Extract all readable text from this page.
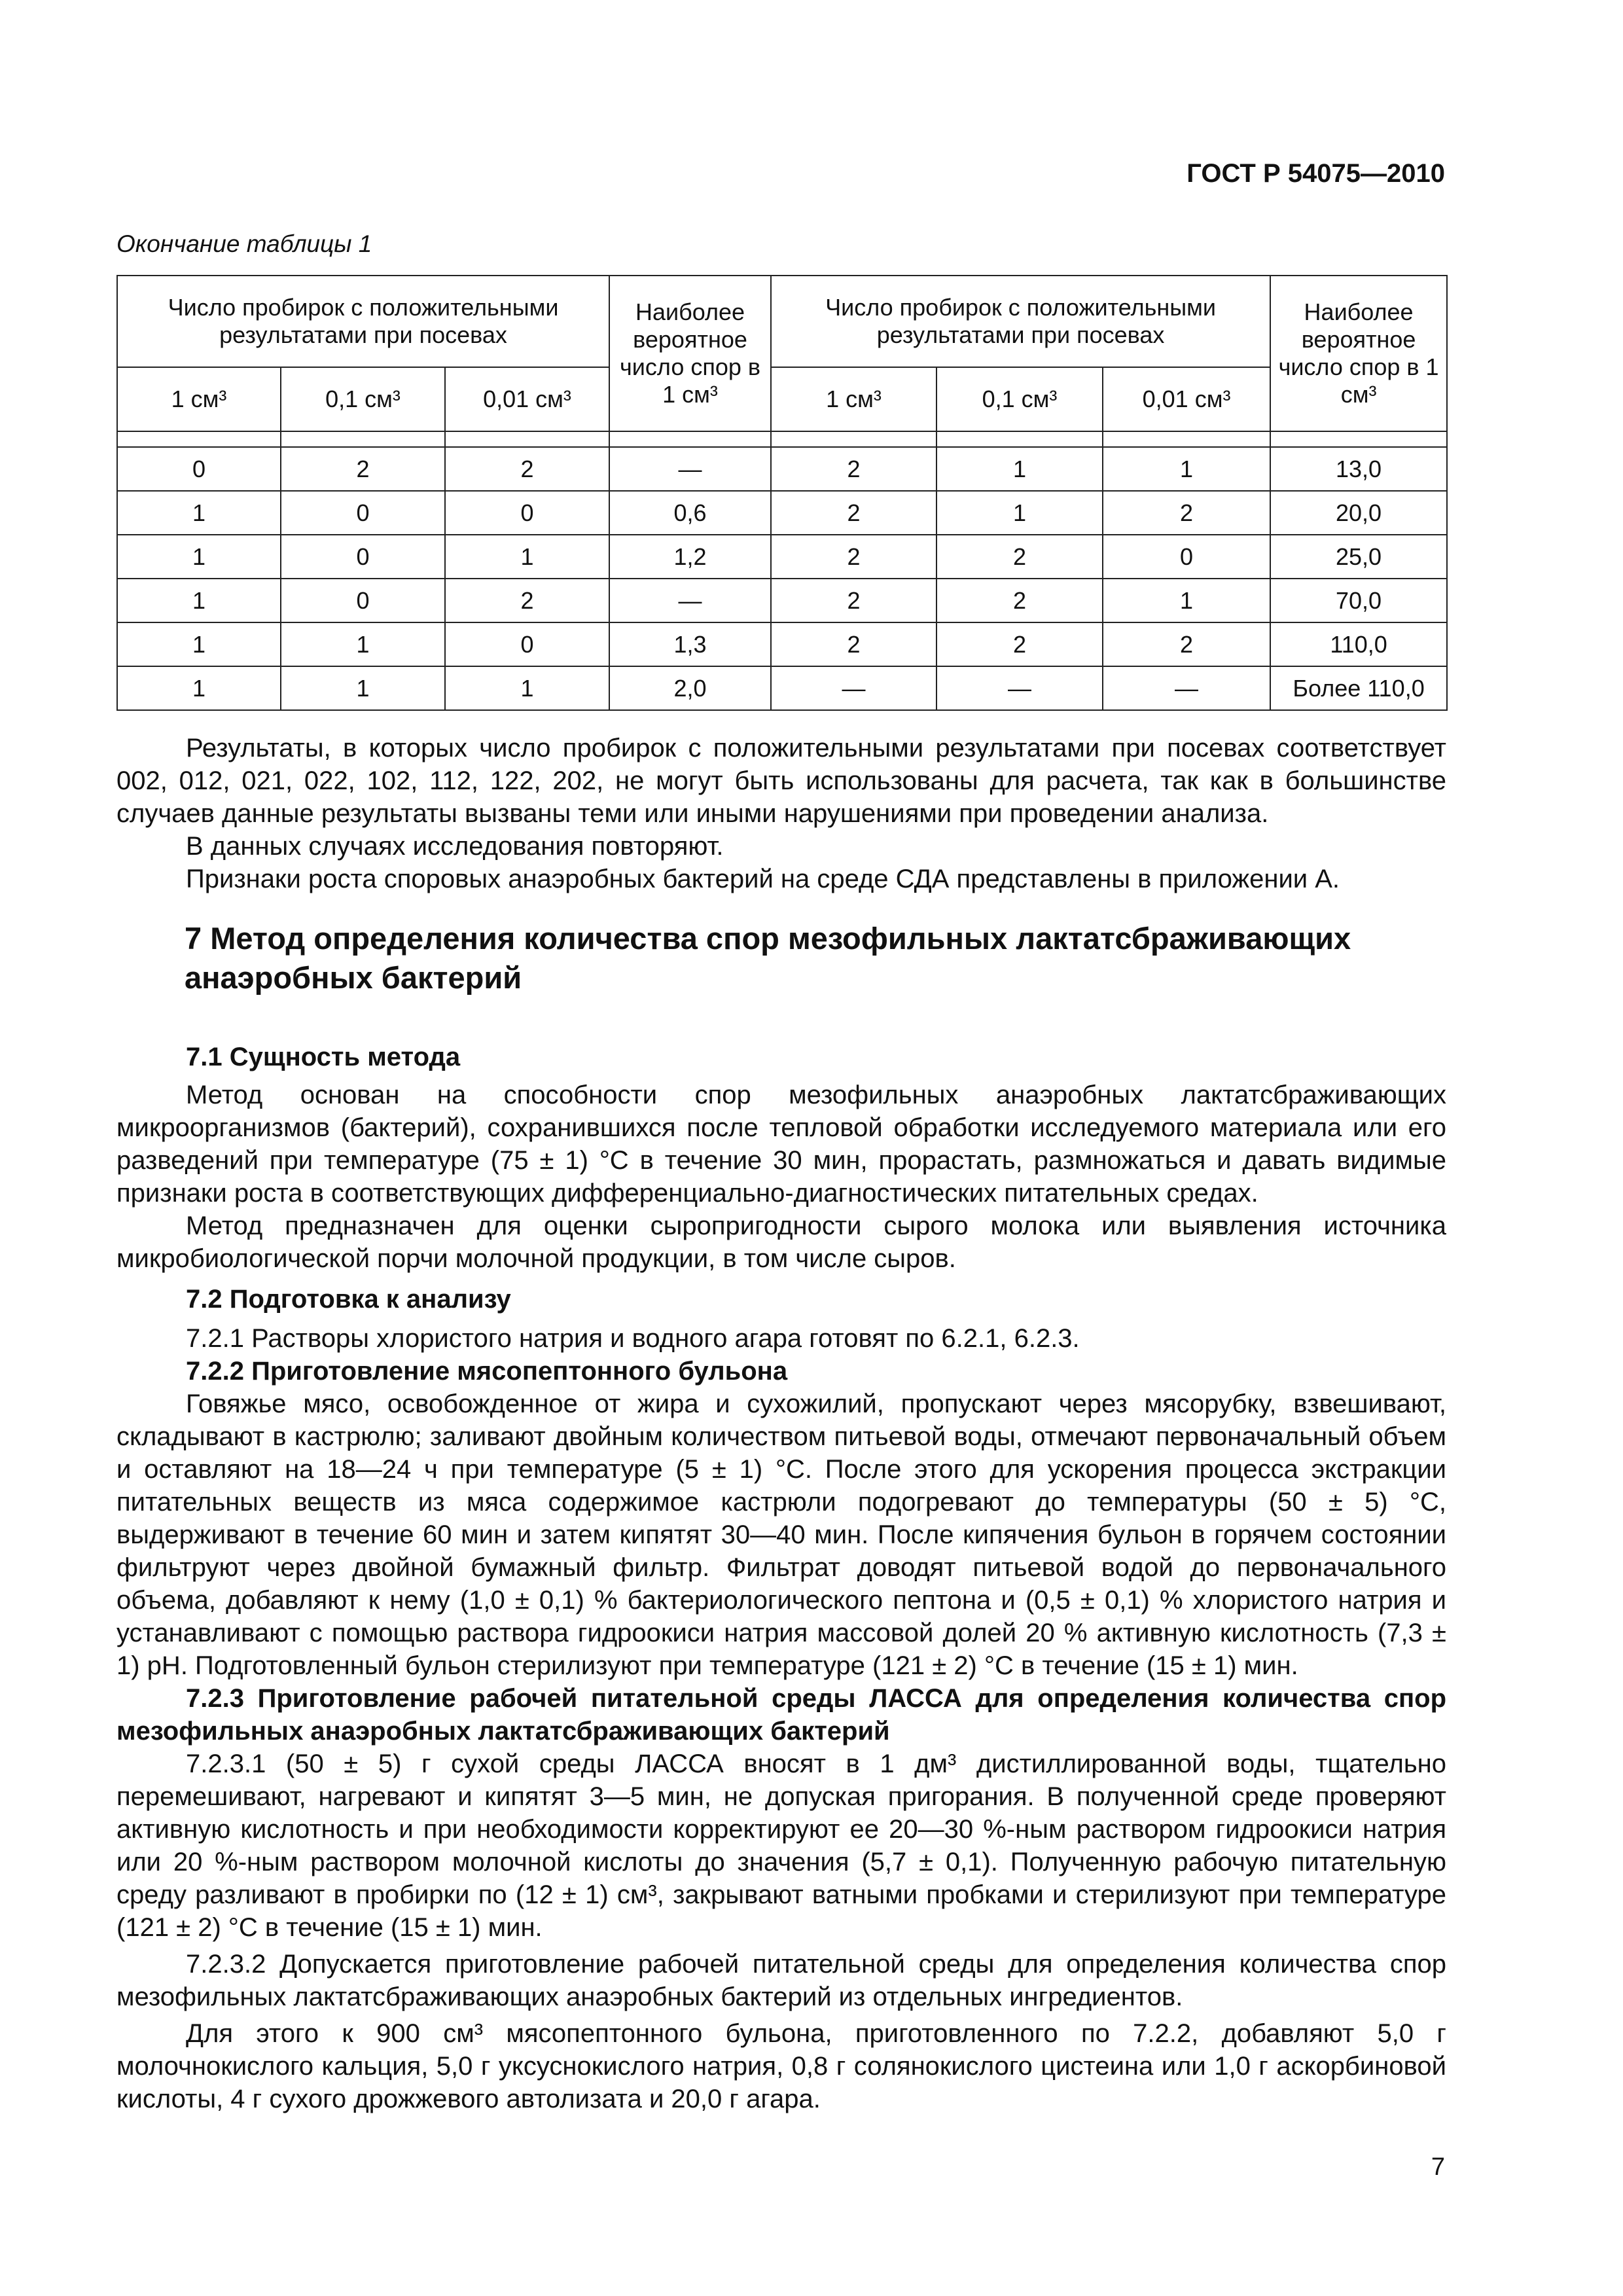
ГОСТ Р 54075—2010
Окончание таблицы 1
Число пробирок с положительными результатами при посевах			Наиболее вероятное число спор в 1 см³	Число пробирок с положительными результатами при посевах			Наиболее вероятное число спор в 1 см³
1 см³	0,1 см³	0,01 см³		1 см³	0,1 см³	0,01 см³	

0	2	2	—	2	1	1	13,0
1	0	0	0,6	2	1	2	20,0
1	0	1	1,2	2	2	0	25,0
1	0	2	—	2	2	1	70,0
1	1	0	1,3	2	2	2	110,0
1	1	1	2,0	—	—	—	Более 110,0

Результаты, в которых число пробирок с положительными результатами при посевах соответствует 002, 012, 021, 022, 102, 112, 122, 202, не могут быть использованы для расчета, так как в большинстве случаев данные результаты вызваны теми или иными нарушениями при проведении анализа.

В данных случаях исследования повторяют.

Признаки роста споровых анаэробных бактерий на среде СДА представлены в приложении А.

7 Метод определения количества спор мезофильных лактатсбраживающих анаэробных бактерий

7.1 Сущность метода

Метод основан на способности спор мезофильных анаэробных лактатсбраживающих микроорганизмов (бактерий), сохранившихся после тепловой обработки исследуемого материала или его разведений при температуре (75 ± 1) °С в течение 30 мин, прорастать, размножаться и давать видимые признаки роста в соответствующих дифференциально-диагностических питательных средах.

Метод предназначен для оценки сыропригодности сырого молока или выявления источника микробиологической порчи молочной продукции, в том числе сыров.

7.2 Подготовка к анализу

7.2.1 Растворы хлористого натрия и водного агара готовят по 6.2.1, 6.2.3.

7.2.2 Приготовление мясопептонного бульона

Говяжье мясо, освобожденное от жира и сухожилий, пропускают через мясорубку, взвешивают, складывают в кастрюлю; заливают двойным количеством питьевой воды, отмечают первоначальный объем и оставляют на 18—24 ч при температуре (5 ± 1) °С. После этого для ускорения процесса экстракции питательных веществ из мяса содержимое кастрюли подогревают до температуры (50 ± 5) °С, выдерживают в течение 60 мин и затем кипятят 30—40 мин. После кипячения бульон в горячем состоянии фильтруют через двойной бумажный фильтр. Фильтрат доводят питьевой водой до первоначального объема, добавляют к нему (1,0 ± 0,1) % бактериологического пептона и (0,5 ± 0,1) % хлористого натрия и устанавливают с помощью раствора гидроокиси натрия массовой долей 20 % активную кислотность (7,3 ± 1) pH. Подготовленный бульон стерилизуют при температуре (121 ± 2) °С в течение (15 ± 1) мин.

7.2.3 Приготовление рабочей питательной среды ЛАССА для определения количества спор мезофильных анаэробных лактатсбраживающих бактерий

7.2.3.1 (50 ± 5) г сухой среды ЛАССА вносят в 1 дм³ дистиллированной воды, тщательно перемешивают, нагревают и кипятят 3—5 мин, не допуская пригорания. В полученной среде проверяют активную кислотность и при необходимости корректируют ее 20—30 %-ным раствором гидроокиси натрия или 20 %-ным раствором молочной кислоты до значения (5,7 ± 0,1). Полученную рабочую питательную среду разливают в пробирки по (12 ± 1) см³, закрывают ватными пробками и стерилизуют при температуре (121 ± 2) °С в течение (15 ± 1) мин.

7.2.3.2 Допускается приготовление рабочей питательной среды для определения количества спор мезофильных лактатсбраживающих анаэробных бактерий из отдельных ингредиентов.

Для этого к 900 см³ мясопептонного бульона, приготовленного по 7.2.2, добавляют 5,0 г молочнокислого кальция, 5,0 г уксуснокислого натрия, 0,8 г солянокислого цистеина или 1,0 г аскорбиновой кислоты, 4 г сухого дрожжевого автолизата и 20,0 г агара.

7
